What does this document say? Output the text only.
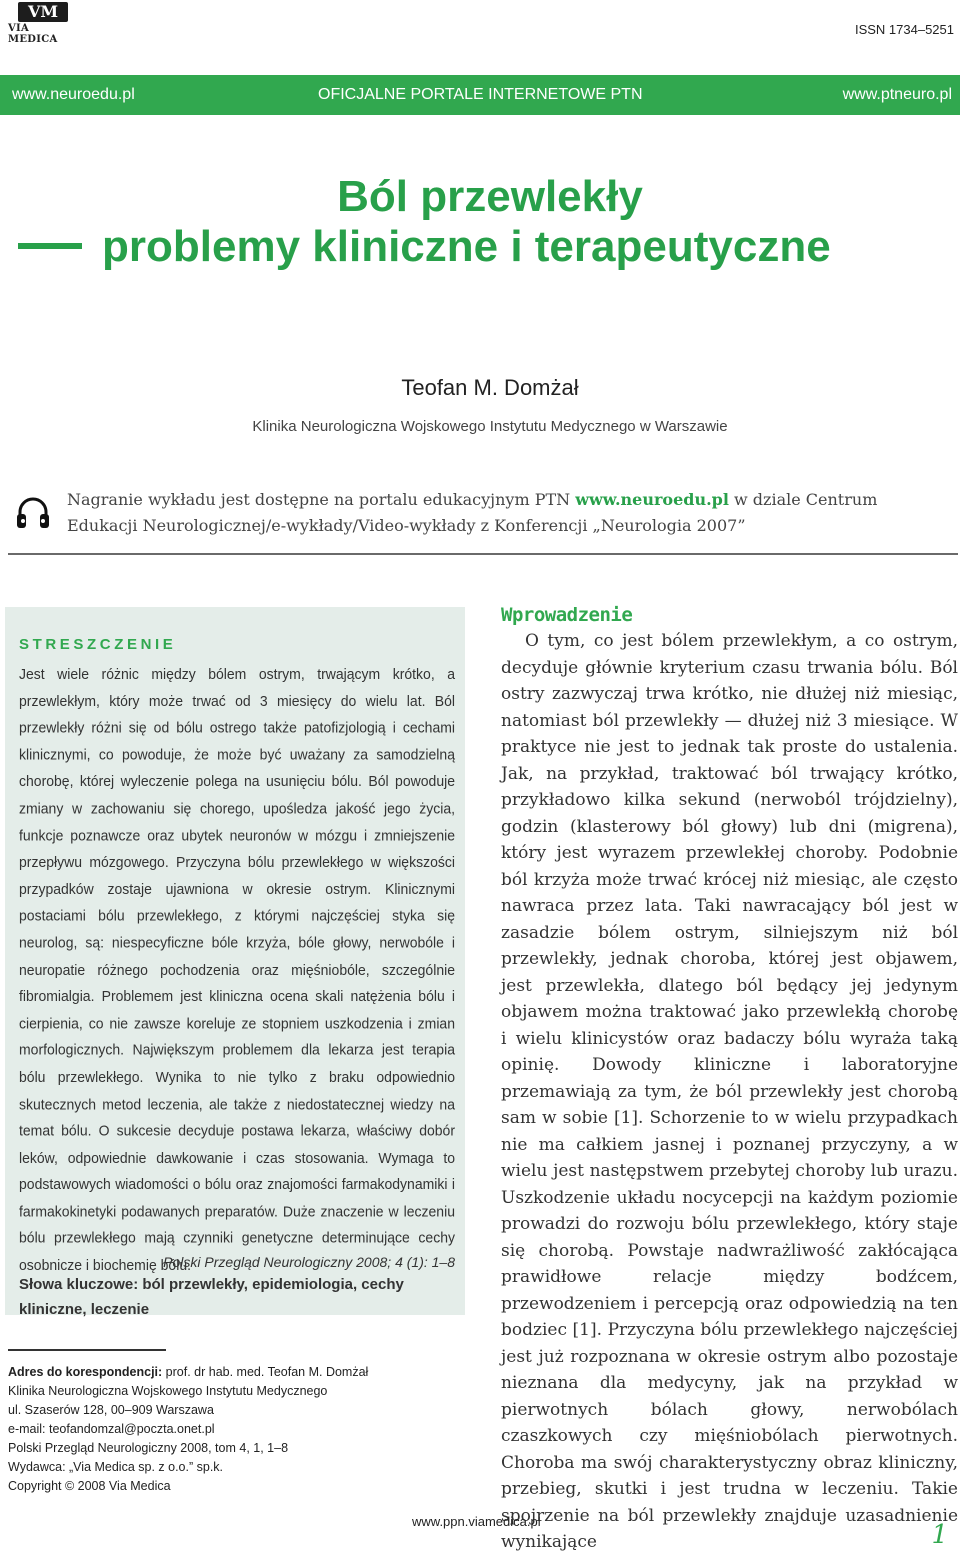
VM
VIA MEDICA
ISSN 1734–5251
www.neuroedu.pl	OFICJALNE PORTALE INTERNETOWE PTN	www.ptneuro.pl
Ból przewlekły
problemy kliniczne i terapeutyczne
Teofan M. Domżał
Klinika Neurologiczna Wojskowego Instytutu Medycznego w Warszawie
Nagranie wykładu jest dostępne na portalu edukacyjnym PTN www.neuroedu.pl w dziale Centrum Edukacji Neurologicznej/e-wykłady/Video-wykłady z Konferencji „Neurologia 2007”
STRESZCZENIE

Jest wiele różnic między bólem ostrym, trwającym krótko, a przewlekłym, który może trwać od 3 miesięcy do wielu lat. Ból przewlekły różni się od bólu ostrego także patofizjologią i cechami klinicznymi, co powoduje, że może być uważany za samodzielną chorobę, której wyleczenie polega na usunięciu bólu. Ból powoduje zmiany w zachowaniu się chorego, upośledza jakość jego życia, funkcje poznawcze oraz ubytek neuronów w mózgu i zmniejszenie przepływu mózgowego. Przyczyna bólu przewlekłego w większości przypadków zostaje ujawniona w okresie ostrym. Klinicznymi postaciami bólu przewlekłego, z którymi najczęściej styka się neurolog, są: niespecyficzne bóle krzyża, bóle głowy, nerwobóle i neuropatie różnego pochodzenia oraz mięśniobóle, szczególnie fibromialgia. Problemem jest kliniczna ocena skali natężenia bólu i cierpienia, co nie zawsze koreluje ze stopniem uszkodzenia i zmian morfologicznych. Największym problemem dla lekarza jest terapia bólu przewlekłego. Wynika to nie tylko z braku odpowiednio skutecznych metod leczenia, ale także z niedostatecznej wiedzy na temat bólu. O sukcesie decyduje postawa lekarza, właściwy dobór leków, odpowiednie dawkowanie i czas stosowania. Wymaga to podstawowych wiadomości o bólu oraz znajomości farmakodynamiki i farmakokinetyki podawanych preparatów. Duże znaczenie w leczeniu bólu przewlekłego mają czynniki genetyczne determinujące cechy osobnicze i biochemię bólu.

Polski Przegląd Neurologiczny 2008; 4 (1): 1–8
Słowa kluczowe: ból przewlekły, epidemiologia, cechy kliniczne, leczenie
Adres do korespondencji: prof. dr hab. med. Teofan M. Domżał
Klinika Neurologiczna Wojskowego Instytutu Medycznego
ul. Szaserów 128, 00–909 Warszawa
e-mail: teofandomzal@poczta.onet.pl
Polski Przegląd Neurologiczny 2008, tom 4, 1, 1–8
Wydawca: „Via Medica sp. z o.o.” sp.k.
Copyright © 2008 Via Medica
Wprowadzenie

O tym, co jest bólem przewlekłym, a co ostrym, decyduje głównie kryterium czasu trwania bólu. Ból ostry zazwyczaj trwa krótko, nie dłużej niż miesiąc, natomiast ból przewlekły — dłużej niż 3 miesiące. W praktyce nie jest to jednak tak proste do ustalenia. Jak, na przykład, traktować ból trwający krótko, przykładowo kilka sekund (nerwoból trójdzielny), godzin (klasterowy ból głowy) lub dni (migrena), który jest wyrazem przewlekłej choroby. Podobnie ból krzyża może trwać krócej niż miesiąc, ale często nawraca przez lata. Taki nawracający ból jest w zasadzie bólem ostrym, silniejszym niż ból przewlekły, jednak choroba, której jest objawem, jest przewlekła, dlatego ból będący jej jedynym objawem można traktować jako przewlekłą chorobę i wielu klinicystów oraz badaczy bólu wyraża taką opinię. Dowody kliniczne i laboratoryjne przemawiają za tym, że ból przewlekły jest chorobą sam w sobie [1]. Schorzenie to w wielu przypadkach nie ma całkiem jasnej i poznanej przyczyny, a w wielu jest następstwem przebytej choroby lub urazu. Uszkodzenie układu nocycepcji na każdym poziomie prowadzi do rozwoju bólu przewlekłego, który staje się chorobą. Powstaje nadwrażliwość zakłócająca prawidłowe relacje między bodźcem, przewodzeniem i percepcją oraz odpowiedzią na ten bodziec [1]. Przyczyna bólu przewlekłego najczęściej jest już rozpoznana w okresie ostrym albo pozostaje nieznana dla medycyny, jak na przykład w pierwotnych bólach głowy, nerwobólach czaszkowych czy mięśniobólach pierwotnych. Choroba ma swój charakterystyczny obraz kliniczny, przebieg, skutki i jest trudna w leczeniu. Takie spojrzenie na ból przewlekły znajduje uzasadnienie wynikające

www.ppn.viamedica.pl	1
